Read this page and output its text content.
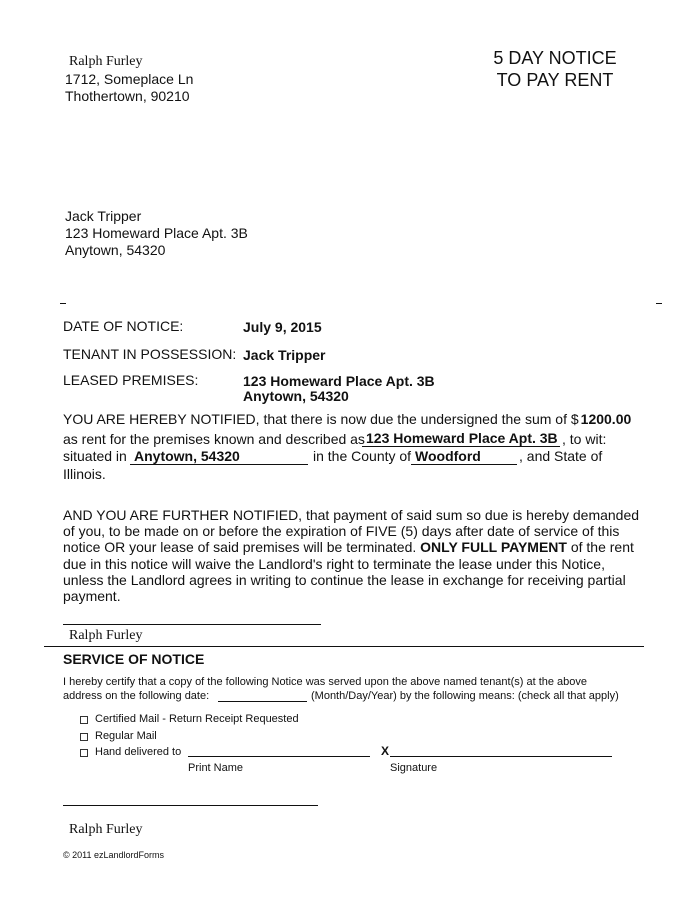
Ralph Furley
1712, Someplace Ln
Thothertown, 90210
5 DAY NOTICE
TO PAY RENT
Jack Tripper
123 Homeward Place Apt. 3B
Anytown, 54320
DATE OF NOTICE:	July 9, 2015
TENANT IN POSSESSION: Jack Tripper
LEASED PREMISES:	123 Homeward Place Apt. 3B
Anytown, 54320
YOU ARE HEREBY NOTIFIED, that there is now due the undersigned the sum of $ 1200.00
as rent for the premises known and described as 123 Homeward Place Apt. 3B , to wit:
situated in Anytown, 54320	in the County of Woodford	, and State of
Illinois.
AND YOU ARE FURTHER NOTIFIED, that payment of said sum so due is hereby demanded of you, to be made on or before the expiration of FIVE (5) days after date of service of this notice OR your lease of said premises will be terminated. ONLY FULL PAYMENT of the rent due in this notice will waive the Landlord's right to terminate the lease under this Notice, unless the Landlord agrees in writing to continue the lease in exchange for receiving partial payment.
Ralph Furley
SERVICE OF NOTICE
I hereby certify that a copy of the following Notice was served upon the above named tenant(s) at the above
address on the following date:	(Month/Day/Year) by the following means: (check all that apply)
Certified Mail - Return Receipt Requested
Regular Mail
Hand delivered to	X
Print Name	Signature
Ralph Furley
© 2011 ezLandlordForms
